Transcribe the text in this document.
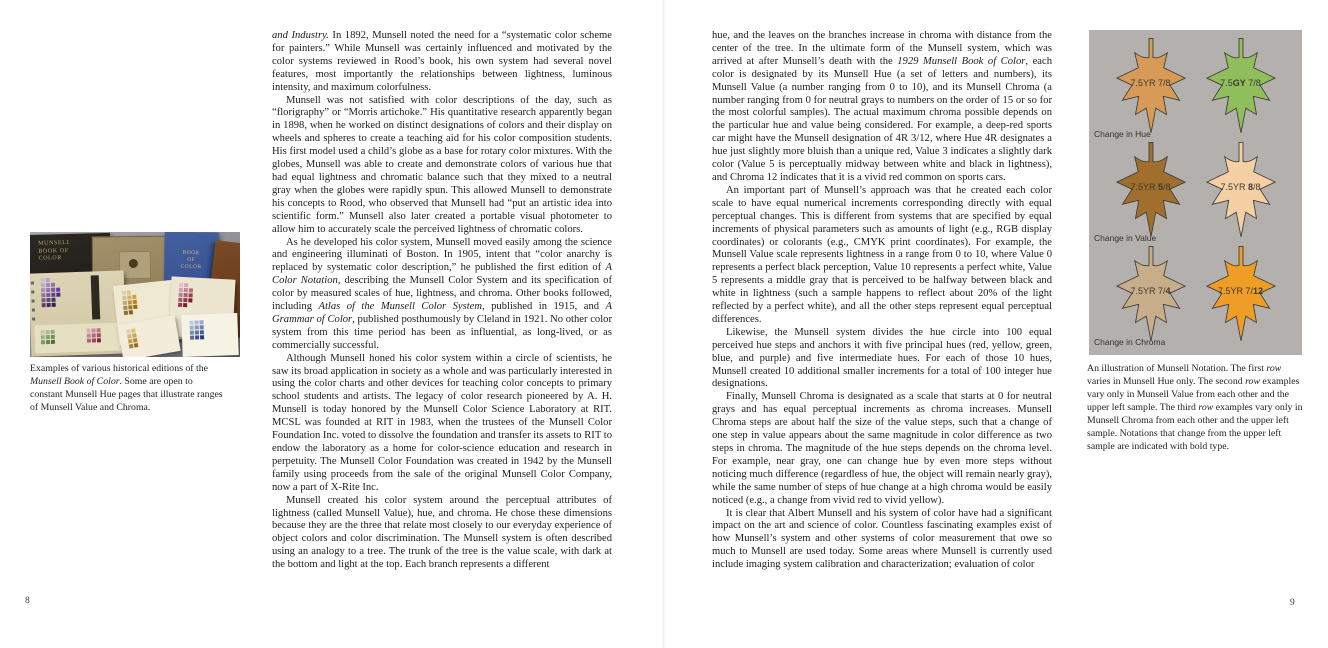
and Industry. In 1892, Munsell noted the need for a “systematic color scheme for painters.” While Munsell was certainly influenced and motivated by the color systems reviewed in Rood’s book, his own system had several novel features, most importantly the relationships between lightness, luminous intensity, and maximum colorfulness.

Munsell was not satisfied with color descriptions of the day, such as “florigraphy” or “Morris artichoke.” His quantitative research apparently began in 1898, when he worked on distinct designations of colors and their display on wheels and spheres to create a teaching aid for his color composition students. His first model used a child’s globe as a base for rotary color mixtures. With the globes, Munsell was able to create and demonstrate colors of various hue that had equal lightness and chromatic balance such that they mixed to a neutral gray when the globes were rapidly spun. This allowed Munsell to demonstrate his concepts to Rood, who observed that Munsell had “put an artistic idea into scientific form.” Munsell also later created a portable visual photometer to allow him to accurately scale the perceived lightness of chromatic colors.

As he developed his color system, Munsell moved easily among the science and engineering illuminati of Boston. In 1905, intent that “color anarchy is replaced by systematic color description,” he published the first edition of A Color Notation, describing the Munsell Color System and its specification of color by measured scales of hue, lightness, and chroma. Other books followed, including Atlas of the Munsell Color System, published in 1915, and A Grammar of Color, published posthumously by Cleland in 1921. No other color system from this time period has been as influential, as long-lived, or as commercially successful.

Although Munsell honed his color system within a circle of scientists, he saw its broad application in society as a whole and was particularly interested in using the color charts and other devices for teaching color concepts to primary school students and artists. The legacy of color research pioneered by A. H. Munsell is today honored by the Munsell Color Science Laboratory at RIT. MCSL was founded at RIT in 1983, when the trustees of the Munsell Color Foundation Inc. voted to dissolve the foundation and transfer its assets to RIT to endow the laboratory as a home for color-science education and research in perpetuity. The Munsell Color Foundation was created in 1942 by the Munsell family using proceeds from the sale of the original Munsell Color Company, now a part of X-Rite Inc.

Munsell created his color system around the perceptual attributes of lightness (called Munsell Value), hue, and chroma. He chose these dimensions because they are the three that relate most closely to our everyday experience of object colors and color discrimination. The Munsell system is often described using an analogy to a tree. The trunk of the tree is the value scale, with dark at the bottom and light at the top. Each branch represents a different

MUNSELL
BOOK OF
COLOR
BOOK
OF
COLOR
Examples of various historical editions of the Munsell Book of Color. Some are open to constant Munsell Hue pages that illustrate ranges of Munsell Value and Chroma.
8

hue, and the leaves on the branches increase in chroma with distance from the center of the tree. In the ultimate form of the Munsell system, which was arrived at after Munsell’s death with the 1929 Munsell Book of Color, each color is designated by its Munsell Hue (a set of letters and numbers), its Munsell Value (a number ranging from 0 to 10), and its Munsell Chroma (a number ranging from 0 for neutral grays to numbers on the order of 15 or so for the most colorful samples). The actual maximum chroma possible depends on the particular hue and value being considered. For example, a deep-red sports car might have the Munsell designation of 4R 3/12, where Hue 4R designates a hue just slightly more bluish than a unique red, Value 3 indicates a slightly dark color (Value 5 is perceptually midway between white and black in lightness), and Chroma 12 indicates that it is a vivid red common on sports cars.

An important part of Munsell’s approach was that he created each color scale to have equal numerical increments corresponding directly with equal perceptual changes. This is different from systems that are specified by equal increments of physical parameters such as amounts of light (e.g., RGB display coordinates) or colorants (e.g., CMYK print coordinates). For example, the Munsell Value scale represents lightness in a range from 0 to 10, where Value 0 represents a perfect black perception, Value 10 represents a perfect white, Value 5 represents a middle gray that is perceived to be halfway between black and white in lightness (such a sample happens to reflect about 20% of the light reflected by a perfect white), and all the other steps represent equal perceptual differences.

Likewise, the Munsell system divides the hue circle into 100 equal perceived hue steps and anchors it with five principal hues (red, yellow, green, blue, and purple) and five intermediate hues. For each of those 10 hues, Munsell created 10 additional smaller increments for a total of 100 integer hue designations.

Finally, Munsell Chroma is designated as a scale that starts at 0 for neutral grays and has equal perceptual increments as chroma increases. Munsell Chroma steps are about half the size of the value steps, such that a change of one step in value appears about the same magnitude in color difference as two steps in chroma. The magnitude of the hue steps depends on the chroma level. For example, near gray, one can change hue by even more steps without noticing much difference (regardless of hue, the object will remain nearly gray), while the same number of steps of hue change at a high chroma would be easily noticed (e.g., a change from vivid red to vivid yellow).

It is clear that Albert Munsell and his system of color have had a significant impact on the art and science of color. Countless fascinating examples exist of how Munsell’s system and other systems of color measurement that owe so much to Munsell are used today. Some areas where Munsell is currently used include imaging system calibration and characterization; evaluation of color

7.5YR 7/8	7.5GY 7/8
Change in Hue
7.5YR 5/8	7.5YR 8/8
Change in Value
7.5YR 7/4	7.5YR 7/12
Change in Chroma
An illustration of Munsell Notation. The first row varies in Munsell Hue only. The second row examples vary only in Munsell Value from each other and the upper left sample. The third row examples vary only in Munsell Chroma from each other and the upper left sample. Notations that change from the upper left sample are indicated with bold type.
9
